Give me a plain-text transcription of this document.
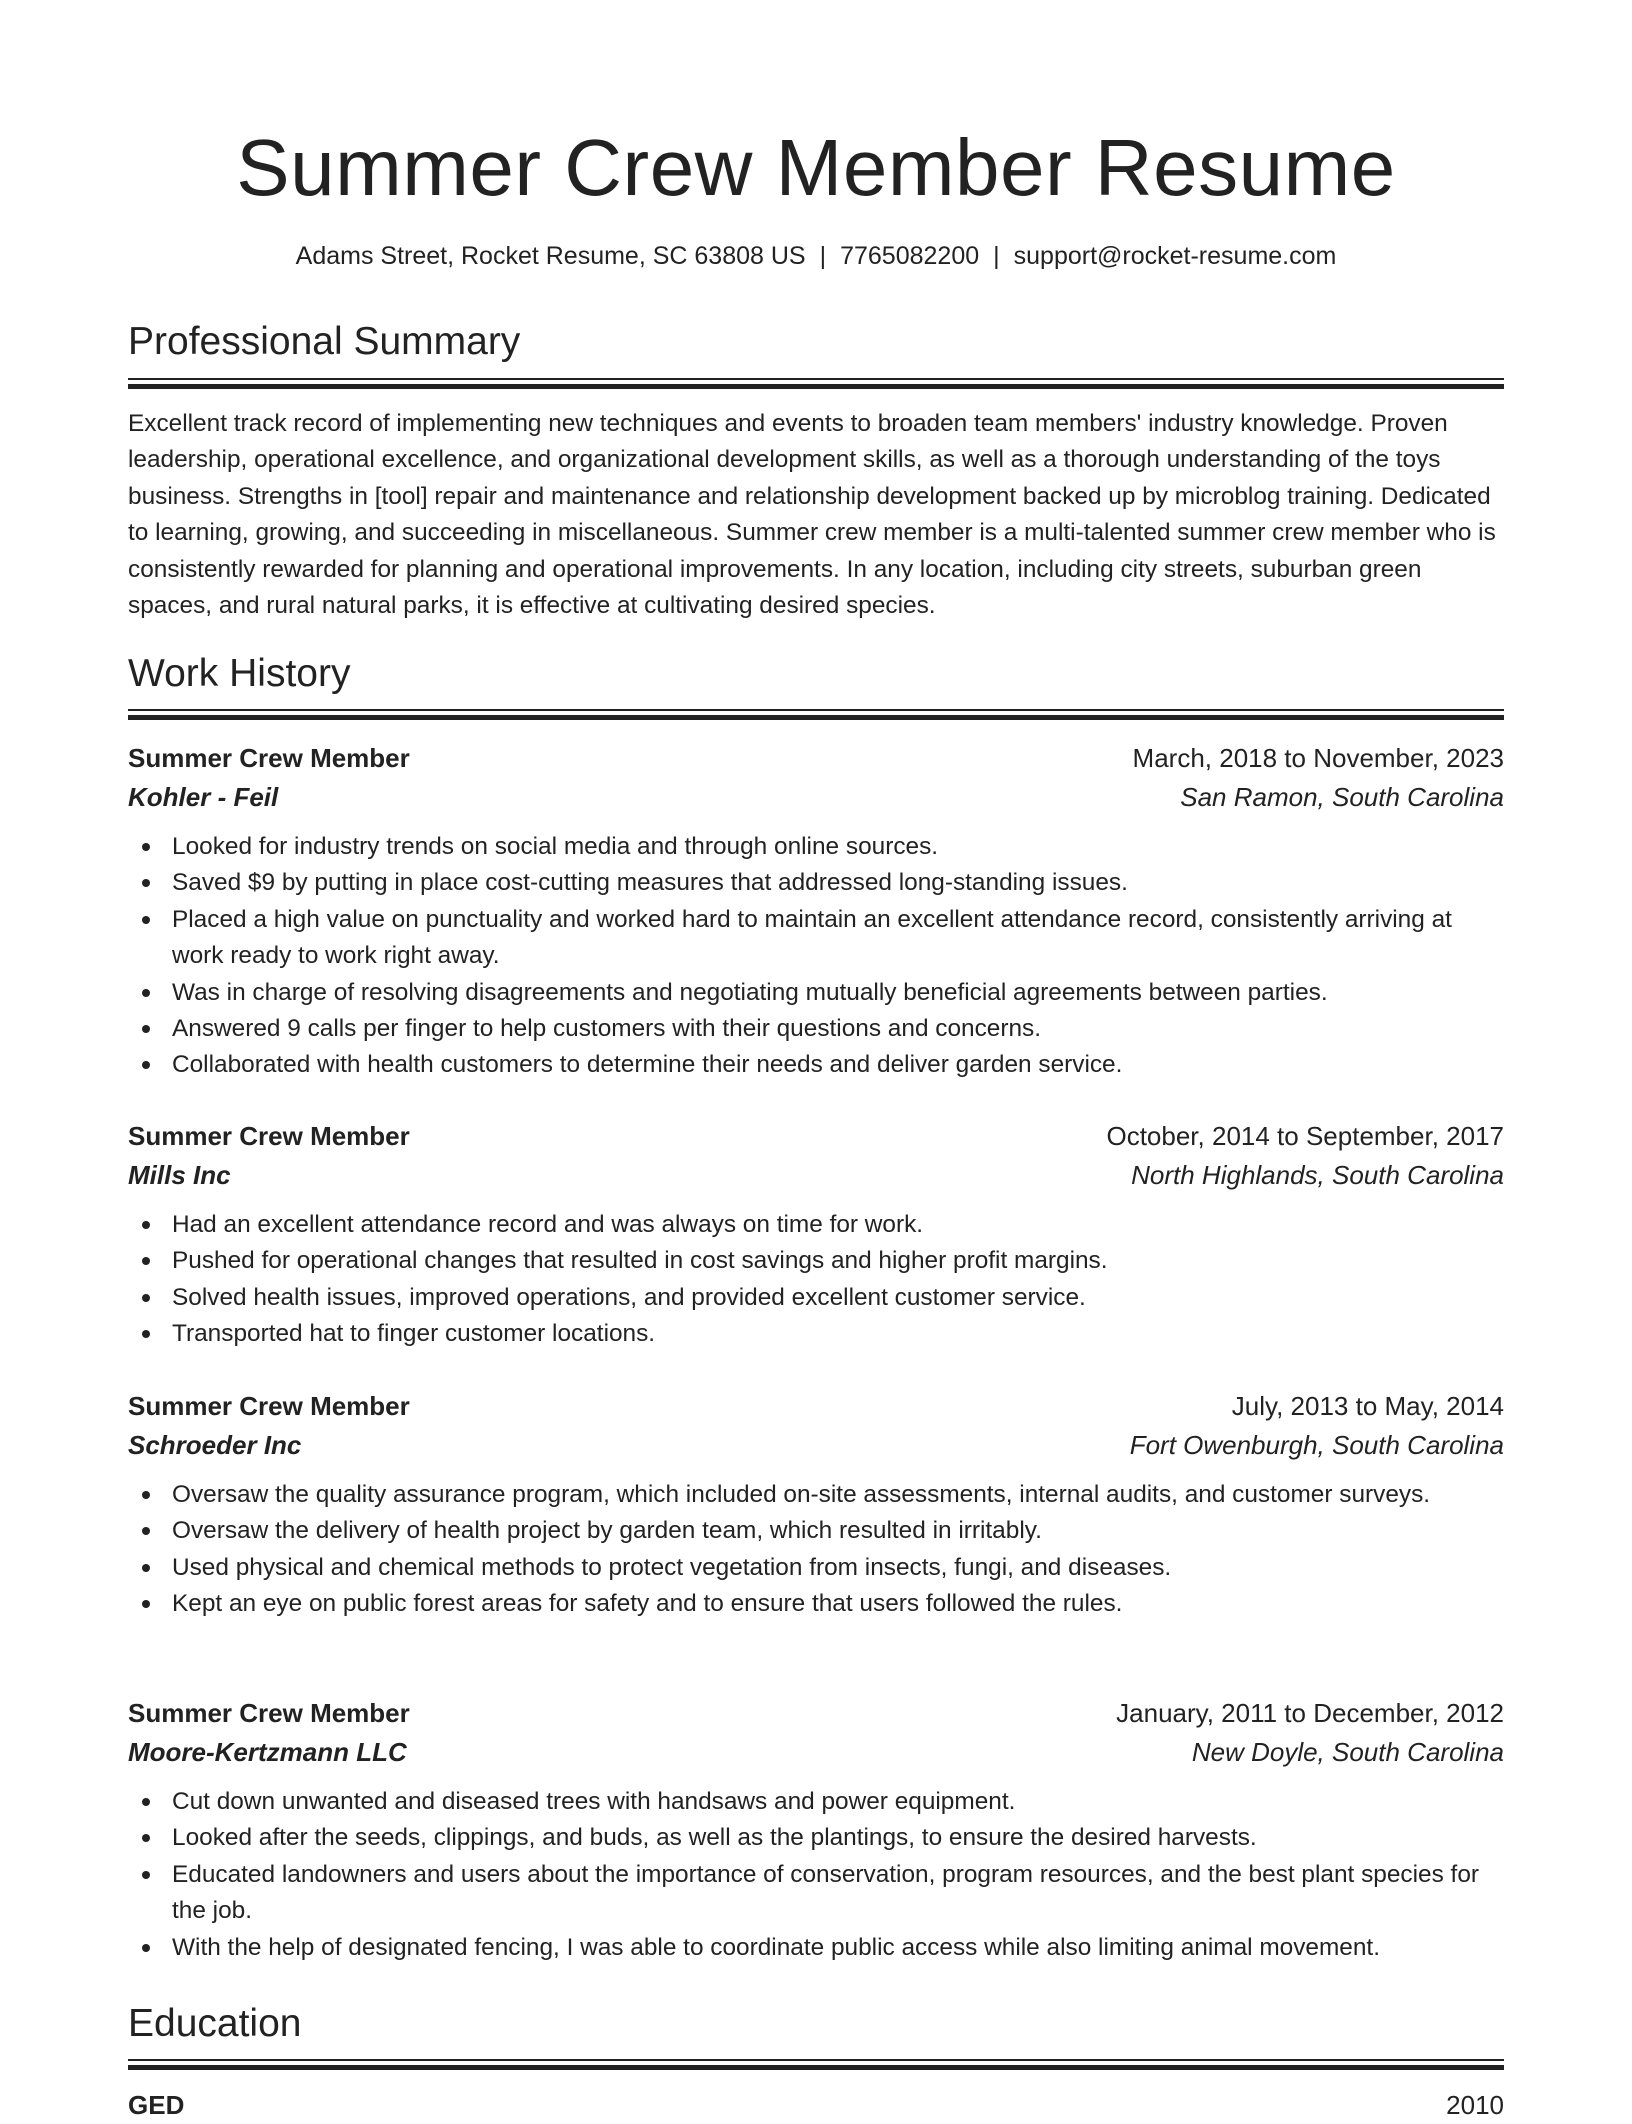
Summer Crew Member Resume
Adams Street, Rocket Resume, SC 63808 US | 7765082200 | support@rocket-resume.com
Professional Summary

Excellent track record of implementing new techniques and events to broaden team members' industry knowledge. Proven leadership, operational excellence, and organizational development skills, as well as a thorough understanding of the toys business. Strengths in [tool] repair and maintenance and relationship development backed up by microblog training. Dedicated to learning, growing, and succeeding in miscellaneous. Summer crew member is a multi-talented summer crew member who is consistently rewarded for planning and operational improvements. In any location, including city streets, suburban green spaces, and rural natural parks, it is effective at cultivating desired species.

Work History
Summer Crew Member	March, 2018 to November, 2023
Kohler - Feil	San Ramon, South Carolina
Looked for industry trends on social media and through online sources.
Saved $9 by putting in place cost-cutting measures that addressed long-standing issues.
Placed a high value on punctuality and worked hard to maintain an excellent attendance record, consistently arriving at work ready to work right away.
Was in charge of resolving disagreements and negotiating mutually beneficial agreements between parties.
Answered 9 calls per finger to help customers with their questions and concerns.
Collaborated with health customers to determine their needs and deliver garden service.
Summer Crew Member	October, 2014 to September, 2017
Mills Inc	North Highlands, South Carolina
Had an excellent attendance record and was always on time for work.
Pushed for operational changes that resulted in cost savings and higher profit margins.
Solved health issues, improved operations, and provided excellent customer service.
Transported hat to finger customer locations.
Summer Crew Member	July, 2013 to May, 2014
Schroeder Inc	Fort Owenburgh, South Carolina
Oversaw the quality assurance program, which included on-site assessments, internal audits, and customer surveys.
Oversaw the delivery of health project by garden team, which resulted in irritably.
Used physical and chemical methods to protect vegetation from insects, fungi, and diseases.
Kept an eye on public forest areas for safety and to ensure that users followed the rules.
Summer Crew Member	January, 2011 to December, 2012
Moore-Kertzmann LLC	New Doyle, South Carolina
Cut down unwanted and diseased trees with handsaws and power equipment.
Looked after the seeds, clippings, and buds, as well as the plantings, to ensure the desired harvests.
Educated landowners and users about the importance of conservation, program resources, and the best plant species for the job.
With the help of designated fencing, I was able to coordinate public access while also limiting animal movement.
Education
GED	2010
